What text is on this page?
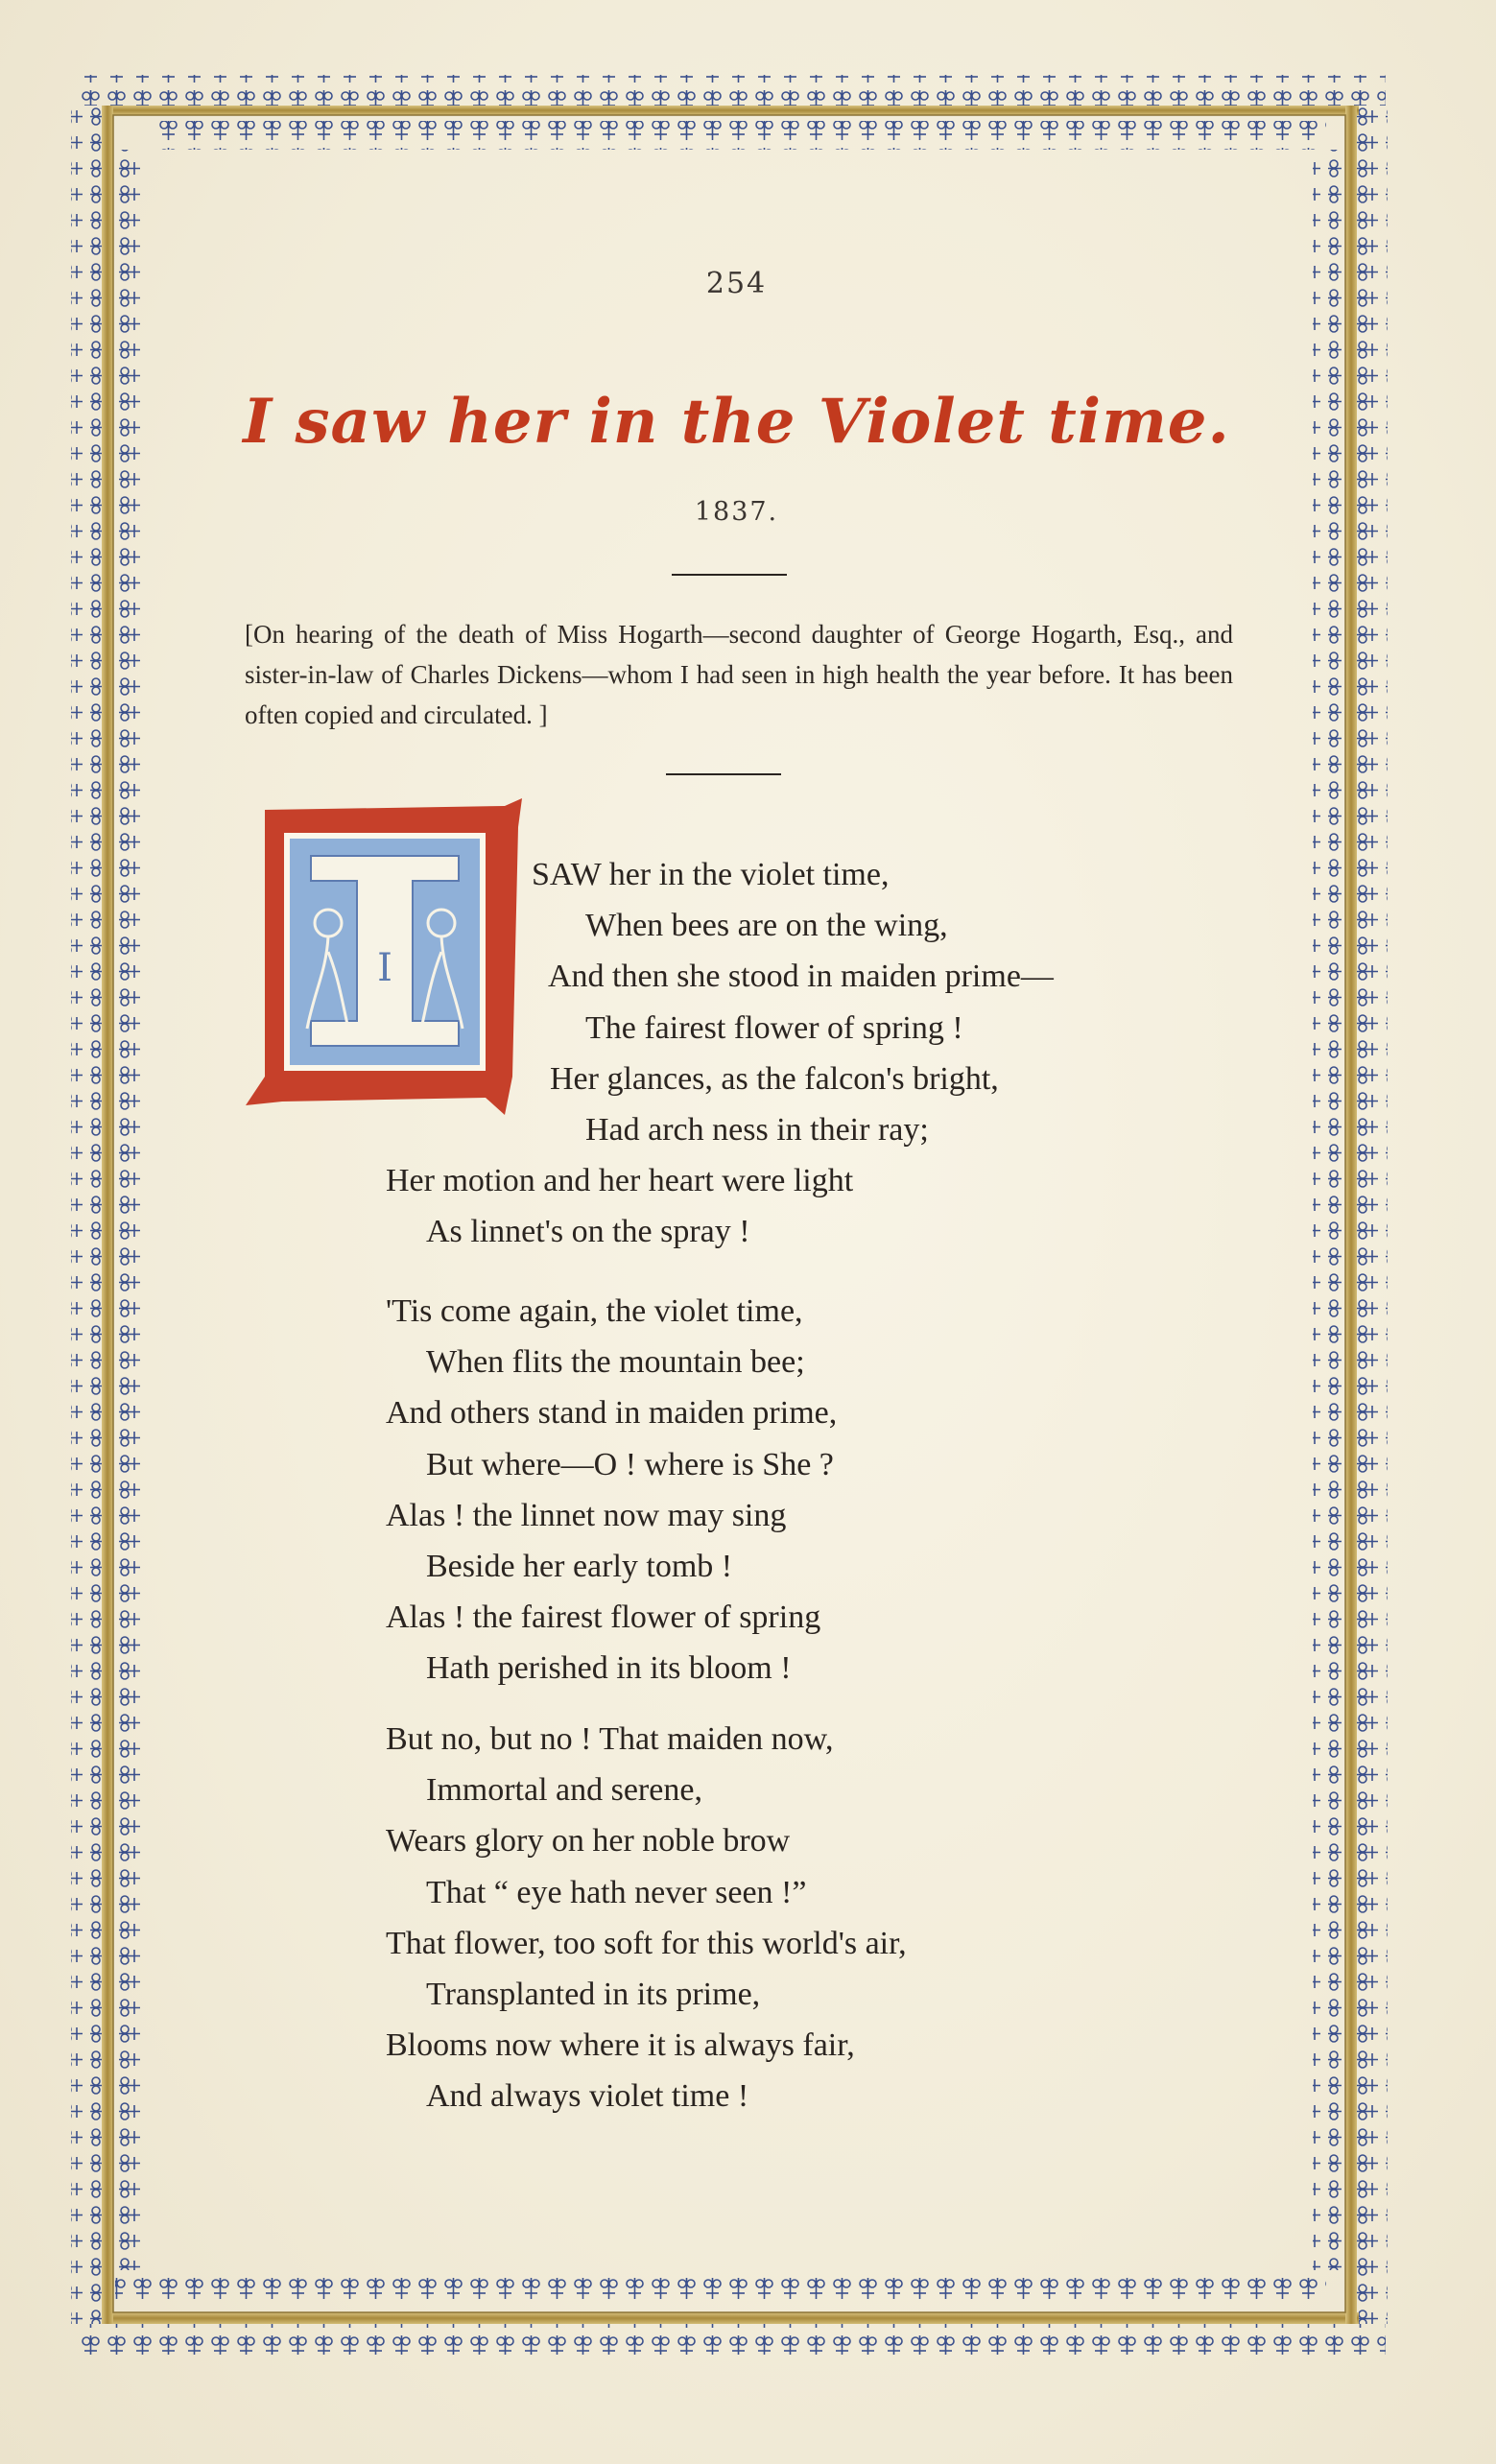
254
I saw her in the Violet time.
1837.
[On hearing of the death of Miss Hogarth—second daughter of George Hogarth, Esq., and sister-in-law of Charles Dickens—whom I had seen in high health the year before. It has been often copied and circulated. ]
I
SAW her in the violet time,
When bees are on the wing,
And then she stood in maiden prime—
The fairest flower of spring !
Her glances, as the falcon's bright,
Had arch ness in their ray;
Her motion and her heart were light
As linnet's on the spray !
'Tis come again, the violet time,
When flits the mountain bee;
And others stand in maiden prime,
But where—O ! where is She ?
Alas ! the linnet now may sing
Beside her early tomb !
Alas ! the fairest flower of spring
Hath perished in its bloom !
But no, but no ! That maiden now,
Immortal and serene,
Wears glory on her noble brow
That “ eye hath never seen !”
That flower, too soft for this world's air,
Transplanted in its prime,
Blooms now where it is always fair,
And always violet time !
